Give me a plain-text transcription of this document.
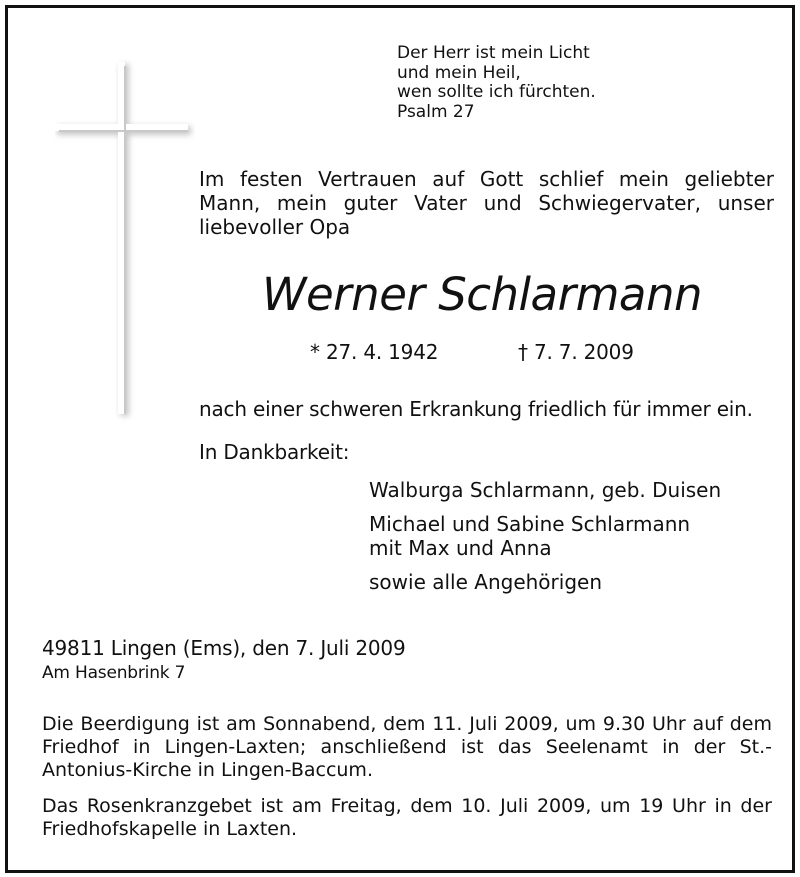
Der Herr ist mein Licht
und mein Heil,
wen sollte ich fürchten.
Psalm 27
Im festen Vertrauen auf Gott schlief mein geliebter Mann, mein guter Vater und Schwiegervater, unser liebevoller Opa
Werner Schlarmann
* 27. 4. 1942	† 7. 7. 2009
nach einer schweren Erkrankung friedlich für immer ein.
In Dankbarkeit:
Walburga Schlarmann, geb. Duisen
Michael und Sabine Schlarmann
mit Max und Anna
sowie alle Angehörigen
49811 Lingen (Ems), den 7. Juli 2009
Am Hasenbrink 7
Die Beerdigung ist am Sonnabend, dem 11. Juli 2009, um 9.30 Uhr auf dem Friedhof in Lingen-Laxten; anschließend ist das Seelenamt in der St.-Antonius-Kirche in Lingen-Baccum.
Das Rosenkranzgebet ist am Freitag, dem 10. Juli 2009, um 19 Uhr in der Friedhofskapelle in Laxten.
